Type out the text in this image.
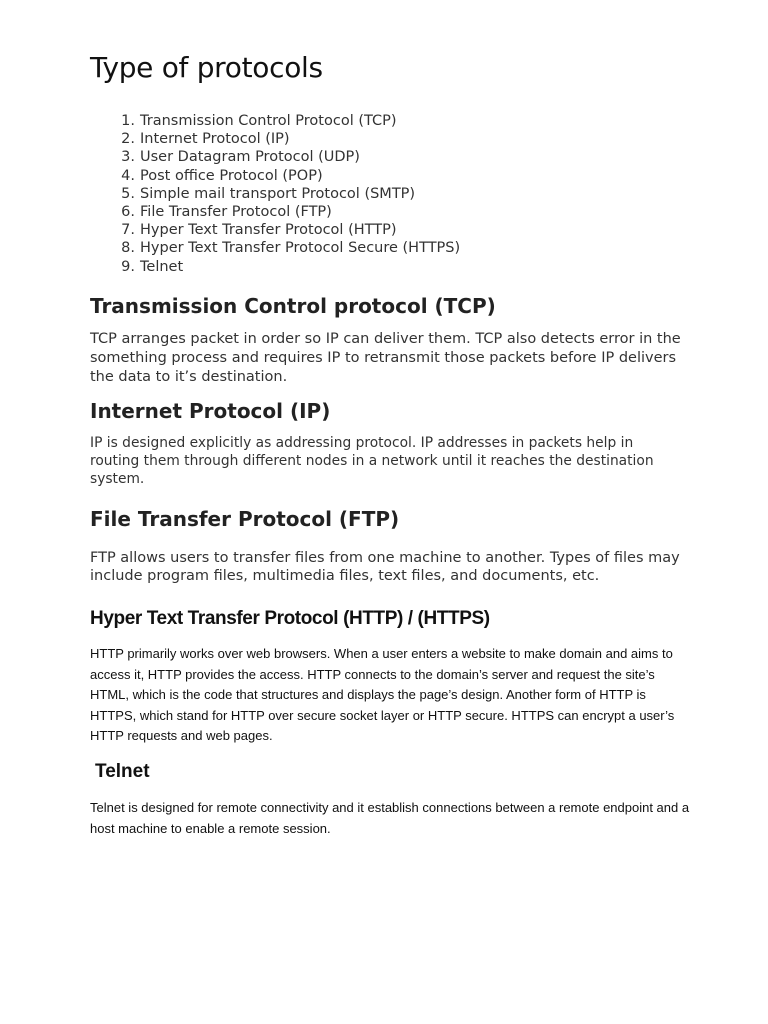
Type of protocols
1. Transmission Control Protocol (TCP)
2. Internet Protocol (IP)
3. User Datagram Protocol (UDP)
4. Post office Protocol (POP)
5. Simple mail transport Protocol (SMTP)
6. File Transfer Protocol (FTP)
7. Hyper Text Transfer Protocol (HTTP)
8. Hyper Text Transfer Protocol Secure (HTTPS)
9. Telnet
Transmission Control protocol (TCP)

TCP arranges packet in order so IP can deliver them. TCP also detects error in the something process and requires IP to retransmit those packets before IP delivers the data to it’s destination.

Internet Protocol (IP)

IP is designed explicitly as addressing protocol. IP addresses in packets help in routing them through different nodes in a network until it reaches the destination system.

File Transfer Protocol (FTP)

FTP allows users to transfer files from one machine to another. Types of files may include program files, multimedia files, text files, and documents, etc.

Hyper Text Transfer Protocol (HTTP) / (HTTPS)

HTTP primarily works over web browsers. When a user enters a website to make domain and aims to access it, HTTP provides the access. HTTP connects to the domain’s server and request the site’s HTML, which is the code that structures and displays the page’s design. Another form of HTTP is HTTPS, which stand for HTTP over secure socket layer or HTTP secure. HTTPS can encrypt a user’s HTTP requests and web pages.

Telnet

Telnet is designed for remote connectivity and it establish connections between a remote endpoint and a host machine to enable a remote session.
